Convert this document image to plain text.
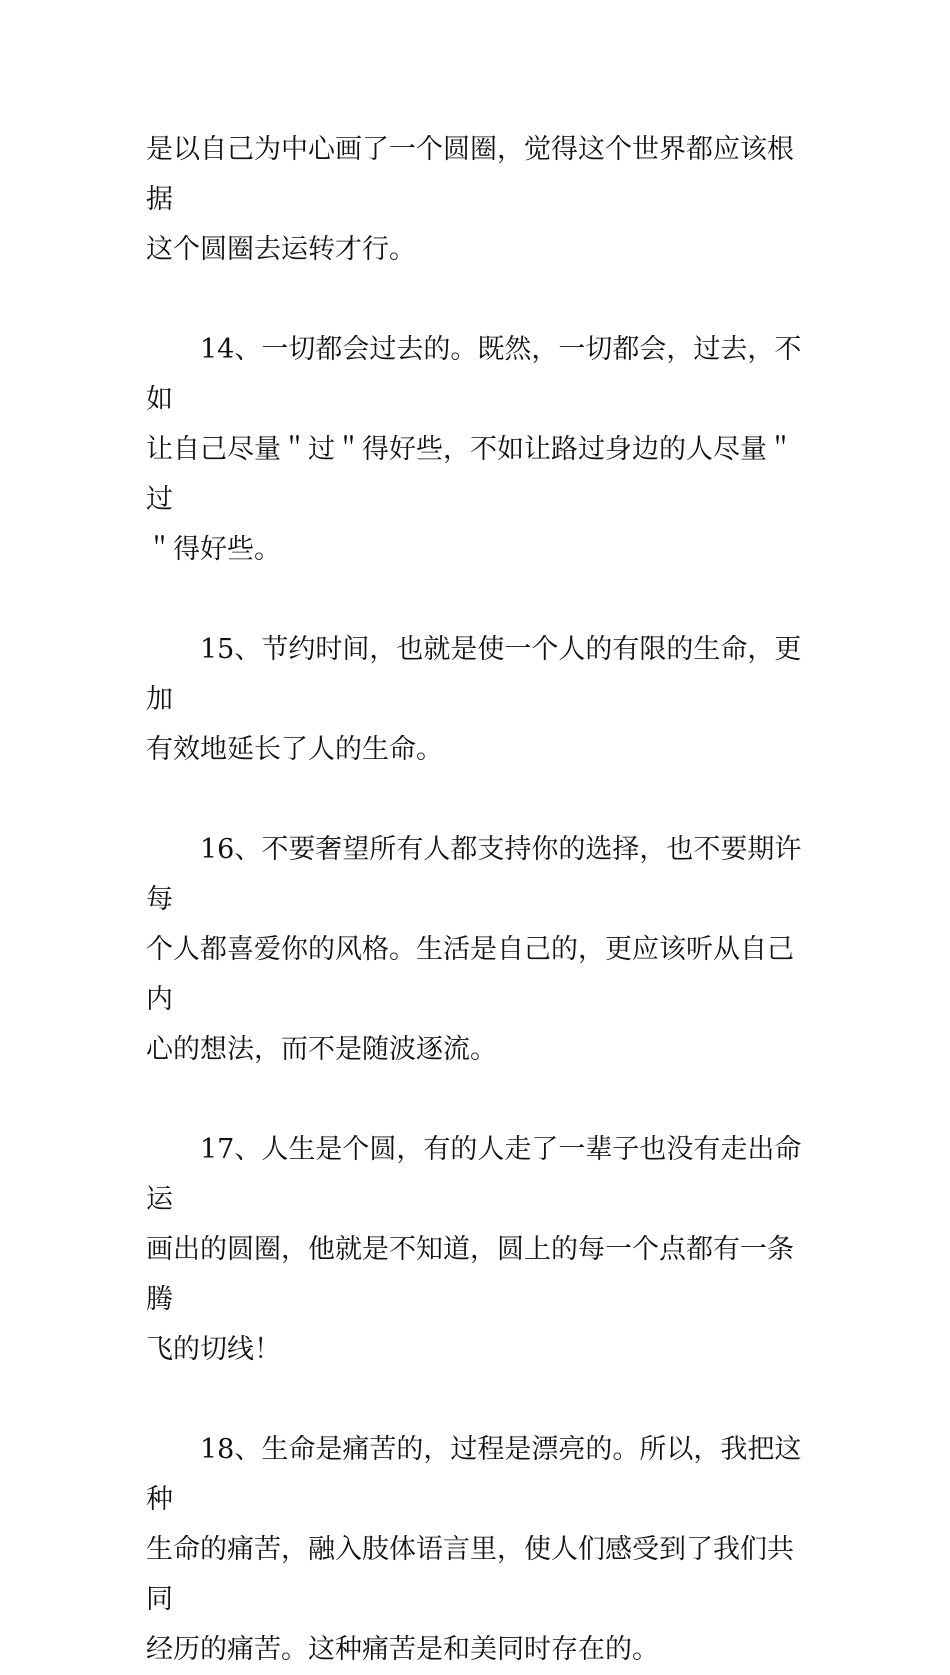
是以自己为中心画了一个圆圈，觉得这个世界都应该根据
这个圆圈去运转才行。
14、一切都会过去的。既然，一切都会，过去，不如
让自己尽量＂过＂得好些，不如让路过身边的人尽量＂过
＂得好些。
15、节约时间，也就是使一个人的有限的生命，更加
有效地延长了人的生命。
16、不要奢望所有人都支持你的选择，也不要期许每
个人都喜爱你的风格。生活是自己的，更应该听从自己内
心的想法，而不是随波逐流。
17、人生是个圆，有的人走了一辈子也没有走出命运
画出的圆圈，他就是不知道，圆上的每一个点都有一条腾
飞的切线！
18、生命是痛苦的，过程是漂亮的。所以，我把这种
生命的痛苦，融入肢体语言里，使人们感受到了我们共同
经历的痛苦。这种痛苦是和美同时存在的。
